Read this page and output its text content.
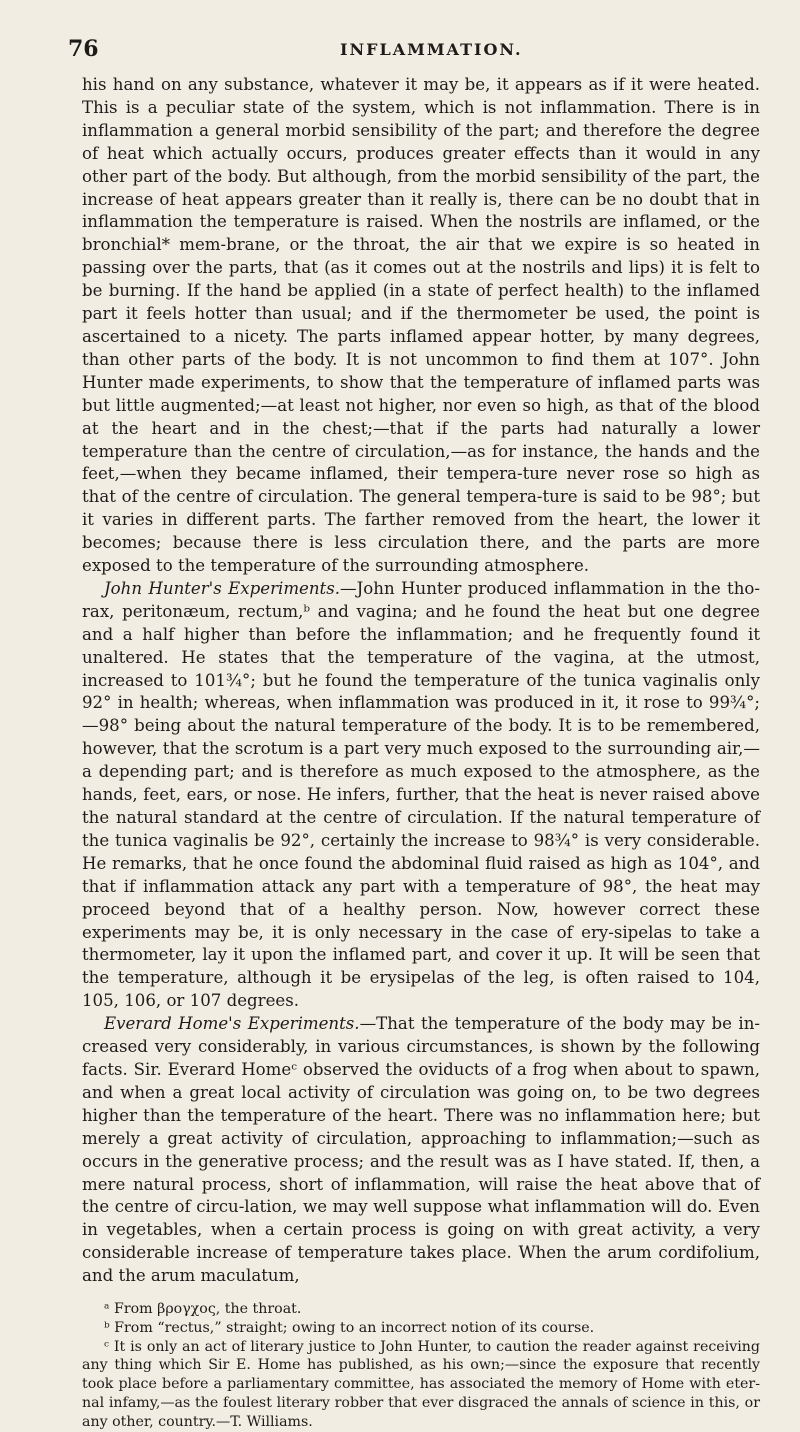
76	INFLAMMATION.

his hand on any substance, whatever it may be, it appears as if it were heated. This is a peculiar state of the system, which is not inflammation. There is in inflammation a general morbid sensibility of the part; and therefore the degree of heat which actually occurs, produces greater effects than it would in any other part of the body. But although, from the morbid sensibility of the part, the increase of heat appears greater than it really is, there can be no doubt that in inflammation the temperature is raised. When the nostrils are inflamed, or the bronchial* mem-brane, or the throat, the air that we expire is so heated in passing over the parts, that (as it comes out at the nostrils and lips) it is felt to be burning. If the hand be applied (in a state of perfect health) to the inflamed part it feels hotter than usual; and if the thermometer be used, the point is ascertained to a nicety. The parts inflamed appear hotter, by many degrees, than other parts of the body. It is not uncommon to find them at 107°. John Hunter made experiments, to show that the temperature of inflamed parts was but little augmented;—at least not higher, nor even so high, as that of the blood at the heart and in the chest;—that if the parts had naturally a lower temperature than the centre of circulation,—as for instance, the hands and the feet,—when they became inflamed, their tempera-ture never rose so high as that of the centre of circulation. The general tempera-ture is said to be 98°; but it varies in different parts. The farther removed from the heart, the lower it becomes; because there is less circulation there, and the parts are more exposed to the temperature of the surrounding atmosphere.

John Hunter's Experiments.—John Hunter produced inflammation in the tho-rax, peritonæum, rectum,ᵇ and vagina; and he found the heat but one degree and a half higher than before the inflammation; and he frequently found it unaltered. He states that the temperature of the vagina, at the utmost, increased to 101¾°; but he found the temperature of the tunica vaginalis only 92° in health; whereas, when inflammation was produced in it, it rose to 99¾°;—98° being about the natural temperature of the body. It is to be remembered, however, that the scrotum is a part very much exposed to the surrounding air,—a depending part; and is therefore as much exposed to the atmosphere, as the hands, feet, ears, or nose. He infers, further, that the heat is never raised above the natural standard at the centre of circulation. If the natural temperature of the tunica vaginalis be 92°, certainly the increase to 98¾° is very considerable. He remarks, that he once found the abdominal fluid raised as high as 104°, and that if inflammation attack any part with a temperature of 98°, the heat may proceed beyond that of a healthy person. Now, however correct these experiments may be, it is only necessary in the case of ery-sipelas to take a thermometer, lay it upon the inflamed part, and cover it up. It will be seen that the temperature, although it be erysipelas of the leg, is often raised to 104, 105, 106, or 107 degrees.

Everard Home's Experiments.—That the temperature of the body may be in-creased very considerably, in various circumstances, is shown by the following facts. Sir. Everard Homeᶜ observed the oviducts of a frog when about to spawn, and when a great local activity of circulation was going on, to be two degrees higher than the temperature of the heart. There was no inflammation here; but merely a great activity of circulation, approaching to inflammation;—such as occurs in the generative process; and the result was as I have stated. If, then, a mere natural process, short of inflammation, will raise the heat above that of the centre of circu-lation, we may well suppose what inflammation will do. Even in vegetables, when a certain process is going on with great activity, a very considerable increase of temperature takes place. When the arum cordifolium, and the arum maculatum,

ᵃ From βρογχος, the throat.

ᵇ From “rectus,” straight; owing to an incorrect notion of its course.

ᶜ It is only an act of literary justice to John Hunter, to caution the reader against receiving any thing which Sir E. Home has published, as his own;—since the exposure that recently took place before a parliamentary committee, has associated the memory of Home with eter-nal infamy,—as the foulest literary robber that ever disgraced the annals of science in this, or any other, country.—T. Williams.
